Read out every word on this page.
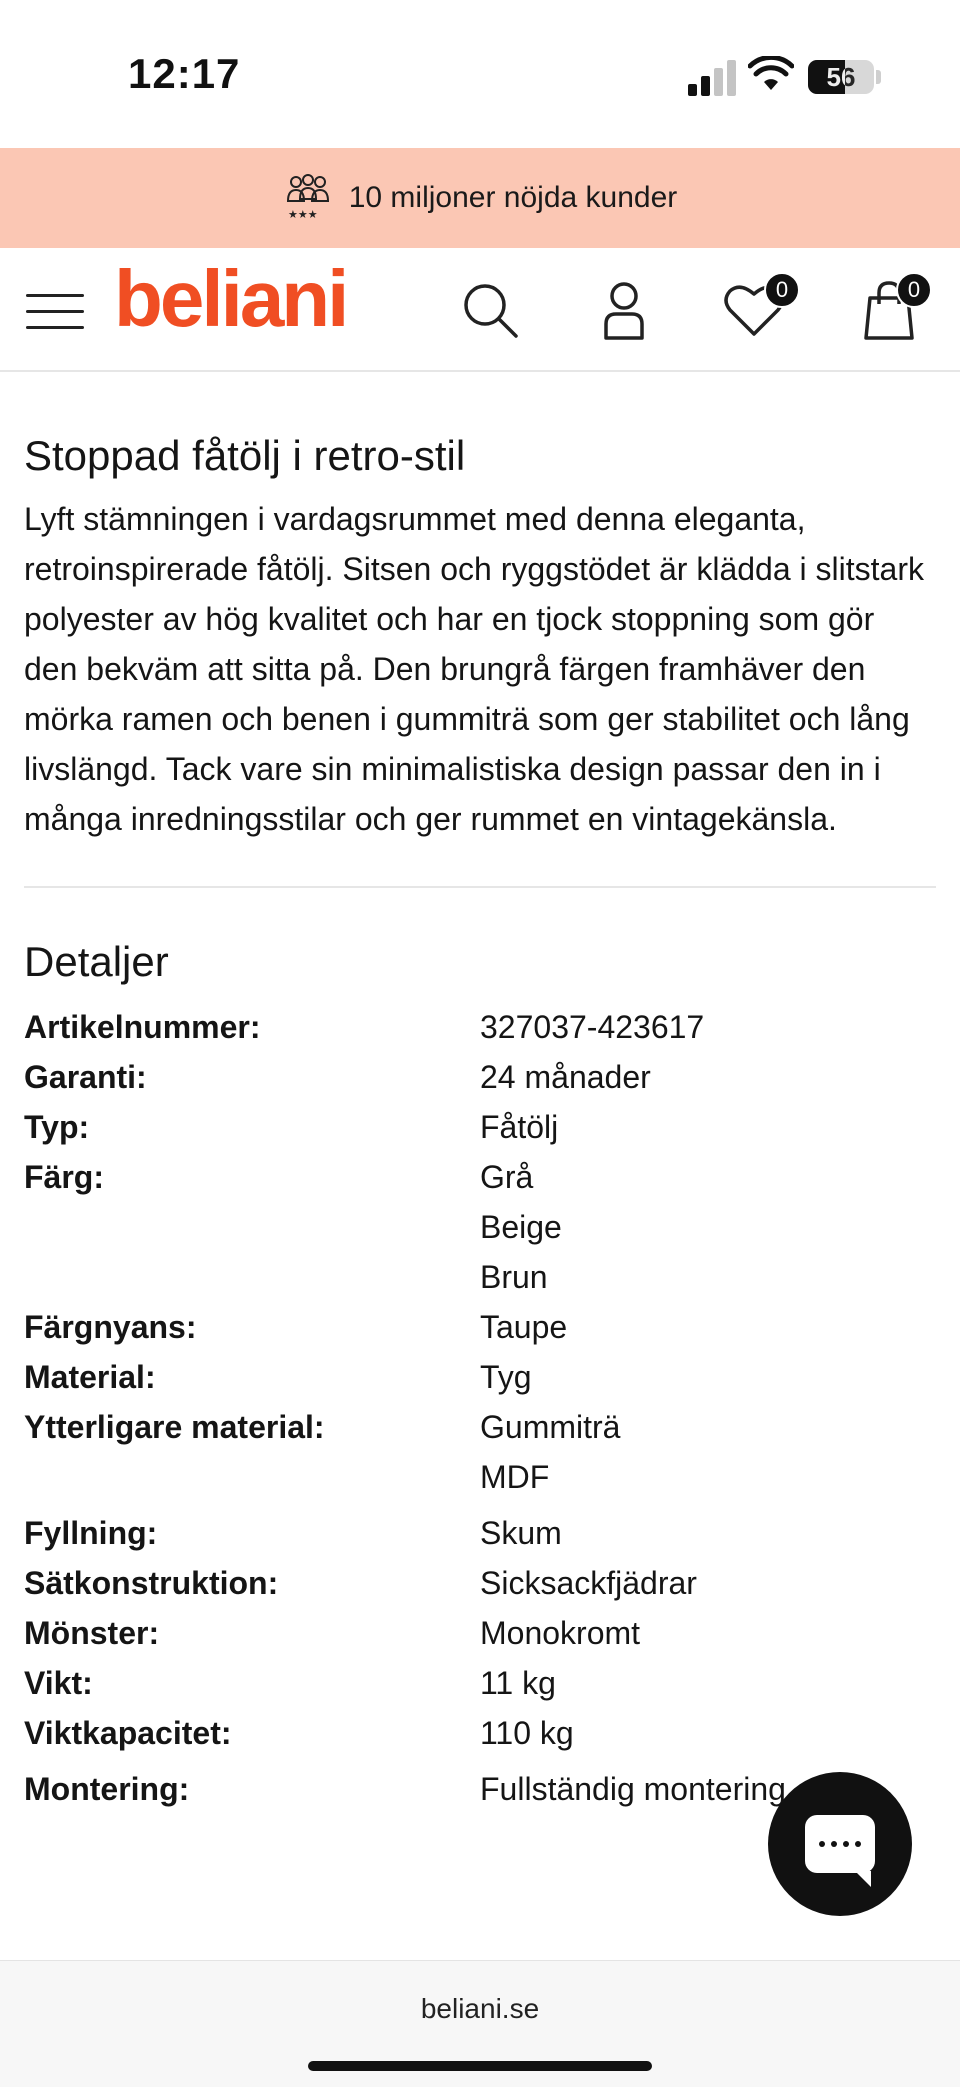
12:17	56
★★★
10 miljoner nöjda kunder
beliani	0	0
Stoppad fåtölj i retro-stil

Lyft stämningen i vardagsrummet med denna eleganta, retroinspirerade fåtölj. Sitsen och ryggstödet är klädda i slitstark polyester av hög kvalitet och har en tjock stoppning som gör den bekväm att sitta på. Den brungrå färgen framhäver den mörka ramen och benen i gummiträ som ger stabilitet och lång livslängd. Tack vare sin minimalistiska design passar den in i många inredningsstilar och ger rummet en vintagekänsla.

Detaljer
Artikelnummer:	327037-423617
Garanti:	24 månader
Typ:	Fåtölj
Färg:	Grå
Beige
Brun
Färgnyans:	Taupe
Material:	Tyg
Ytterligare material:	Gummiträ
MDF
Fyllning:	Skum
Sätkonstruktion:	Sicksackfjädrar
Mönster:	Monokromt
Vikt:	11 kg
Viktkapacitet:	110 kg
Montering:	Fullständig montering
beliani.se
